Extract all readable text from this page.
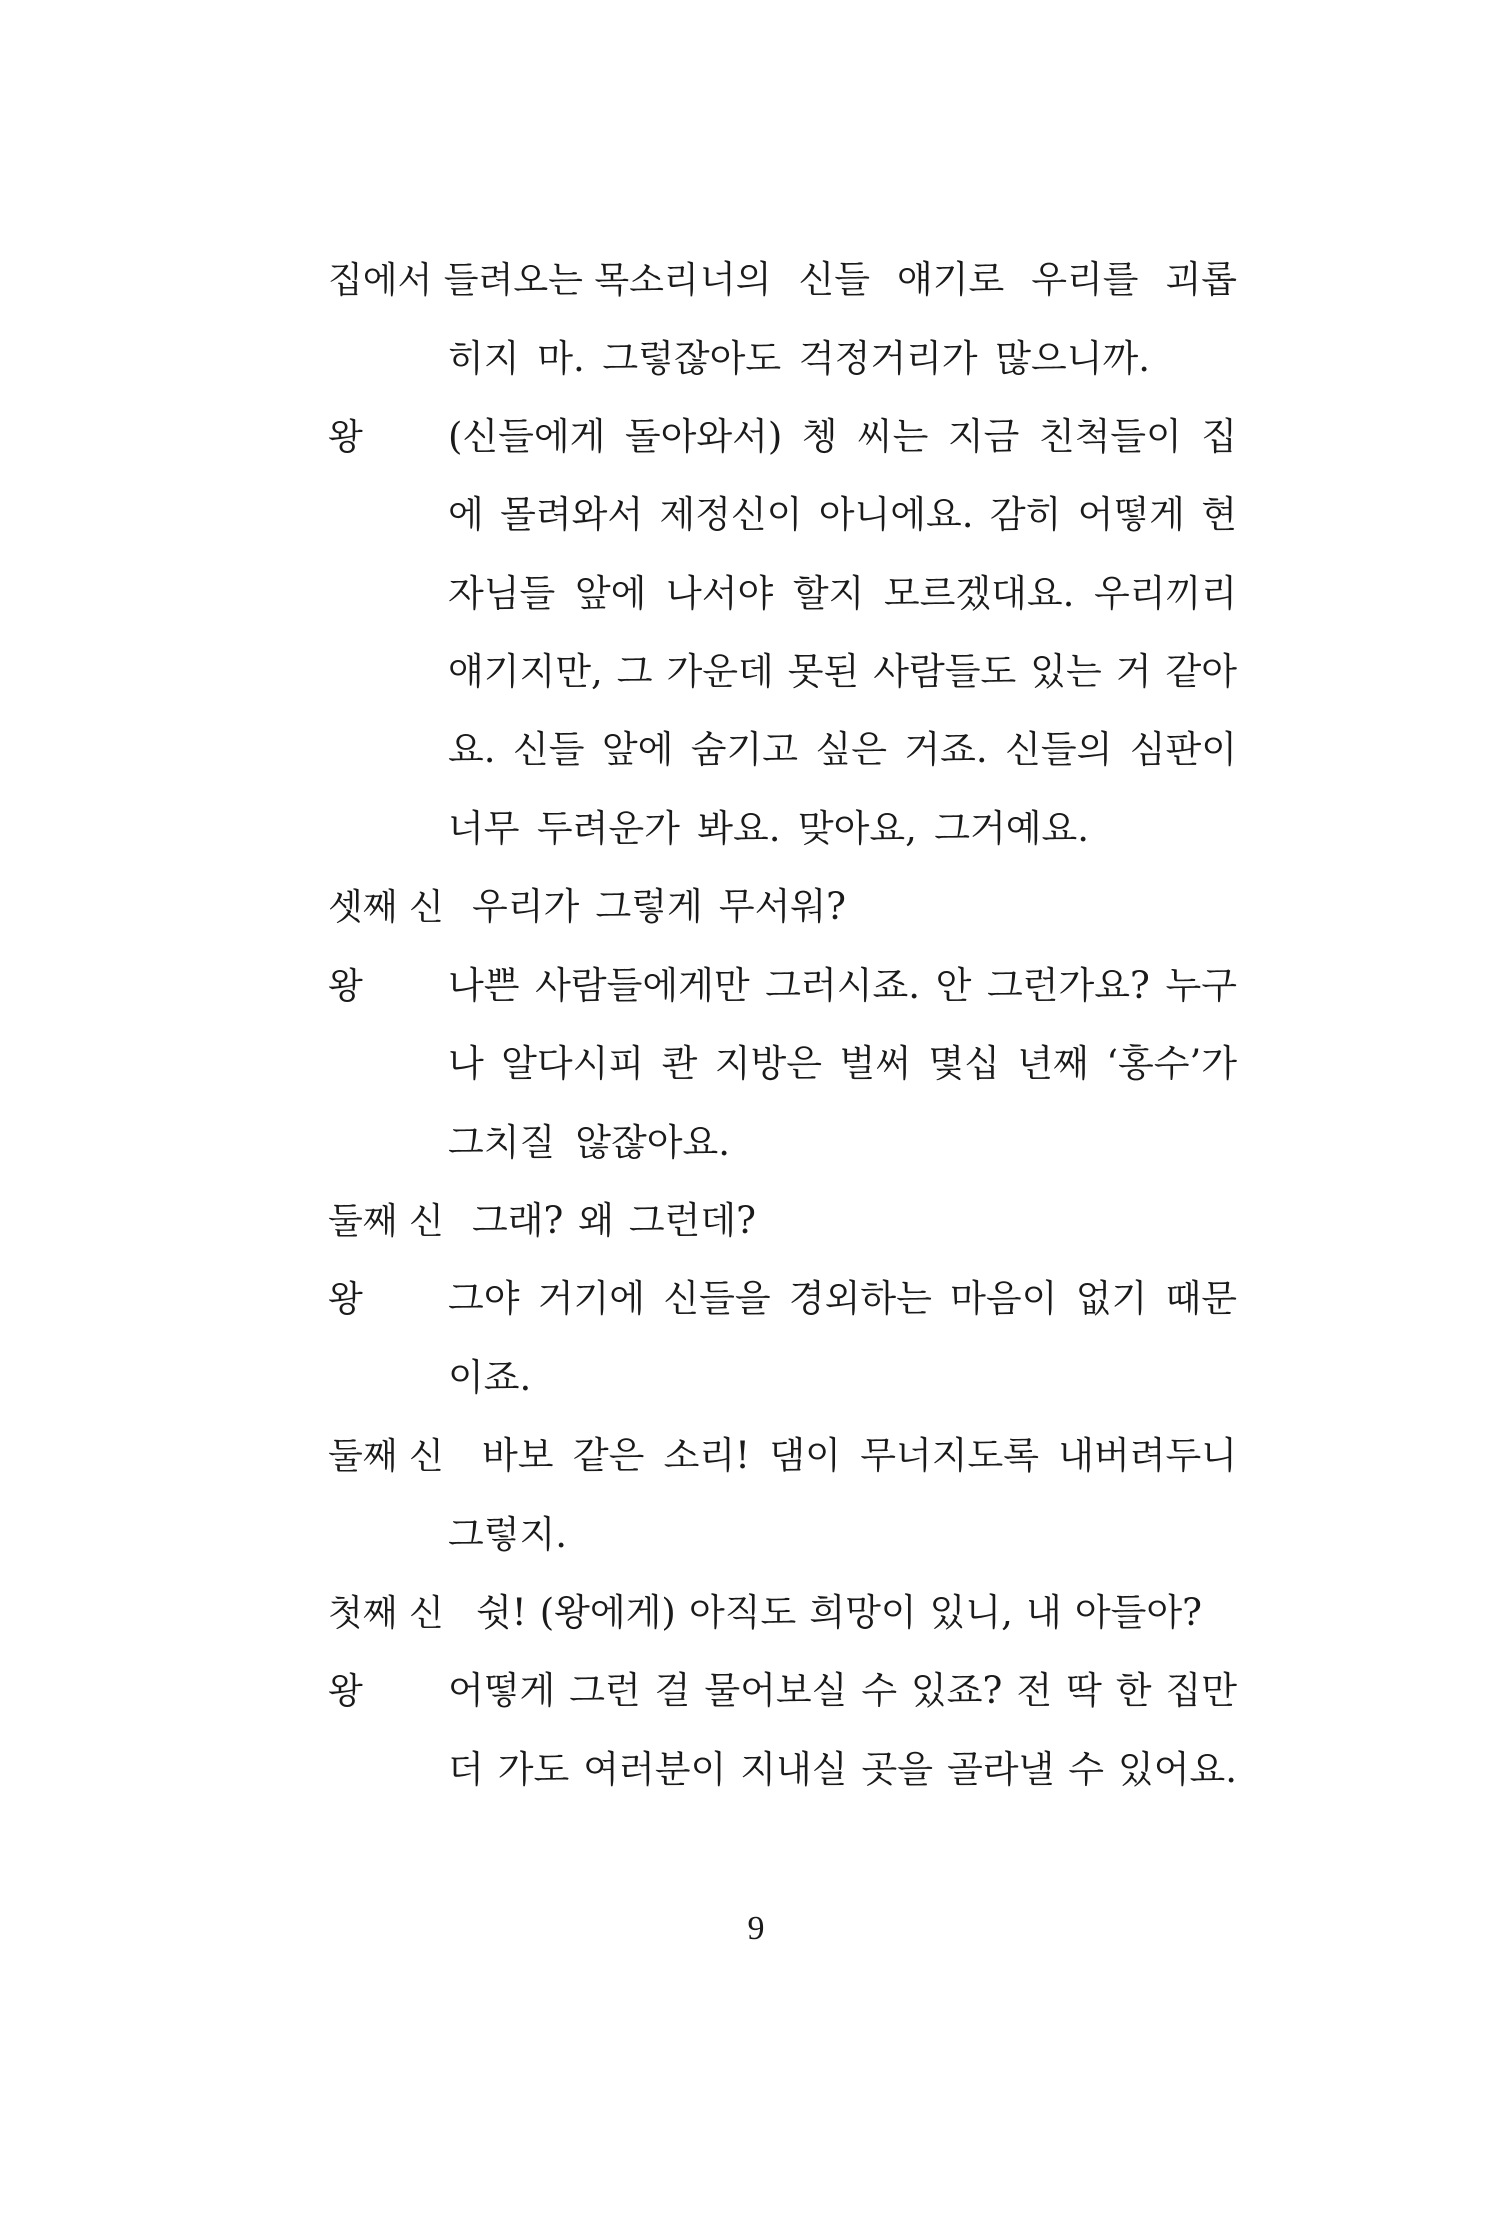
집에서 들려오는 목소리 너의 신들 얘기로 우리를 괴롭
히지 마. 그렇잖아도 걱정거리가 많으니까.
왕 (신들에게 돌아와서) 쳉 씨는 지금 친척들이 집
에 몰려와서 제정신이 아니에요. 감히 어떻게 현
자님들 앞에 나서야 할지 모르겠대요. 우리끼리
얘기지만, 그 가운데 못된 사람들도 있는 거 같아
요. 신들 앞에 숨기고 싶은 거죠. 신들의 심판이
너무 두려운가 봐요. 맞아요, 그거예요.
셋째 신 우리가 그렇게 무서워?
왕 나쁜 사람들에게만 그러시죠. 안 그런가요? 누구
나 알다시피 콴 지방은 벌써 몇십 년째 ‘홍수’가
그치질 않잖아요.
둘째 신 그래? 왜 그런데?
왕 그야 거기에 신들을 경외하는 마음이 없기 때문
이죠.
둘째 신 바보 같은 소리! 댐이 무너지도록 내버려두니
그렇지.
첫째 신 쉿! (왕에게) 아직도 희망이 있니, 내 아들아?
왕 어떻게 그런 걸 물어보실 수 있죠? 전 딱 한 집만
더 가도 여러분이 지내실 곳을 골라낼 수 있어요.
9
